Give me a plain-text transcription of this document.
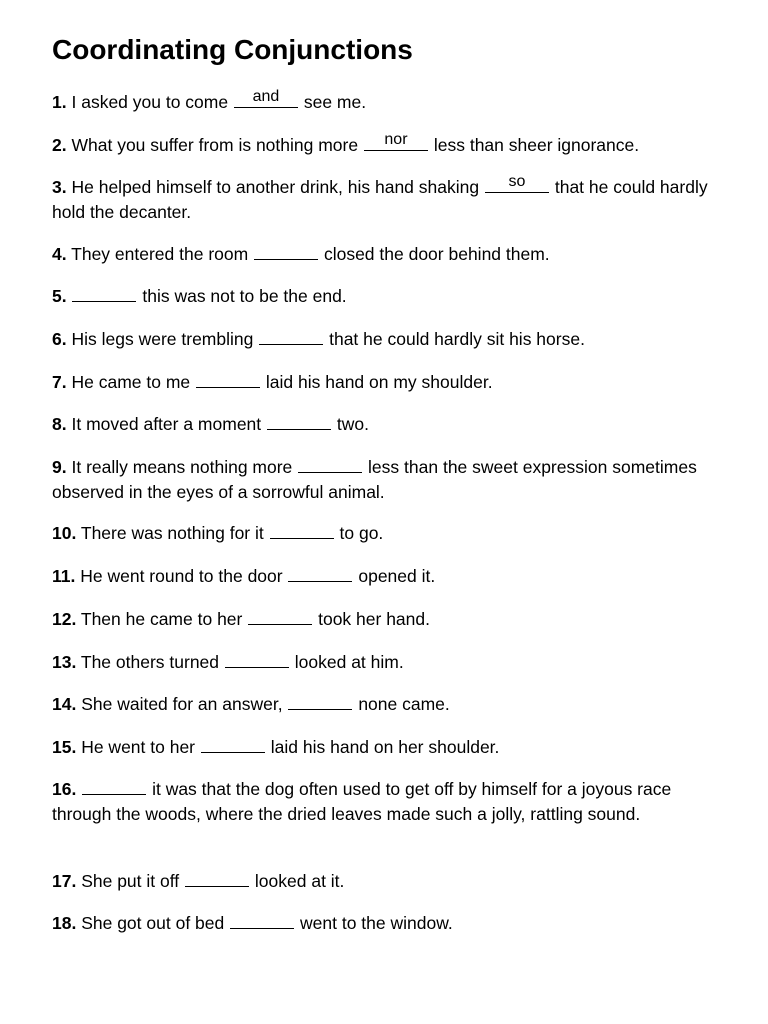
Coordinating Conjunctions

1. I asked you to come	and	see me.

2. What you suffer from is nothing more	nor	less than sheer ignorance.

3. He helped himself to another drink, his hand shaking	so	that he could hardly hold the decanter.

4. They entered the room	closed the door behind them.

5.	this was not to be the end.

6. His legs were trembling	that he could hardly sit his horse.

7. He came to me	laid his hand on my shoulder.

8. It moved after a moment	two.

9. It really means nothing more	less than the sweet expression sometimes observed in the eyes of a sorrowful animal.

10. There was nothing for it	to go.

11. He went round to the door	opened it.

12. Then he came to her	took her hand.

13. The others turned	looked at him.

14. She waited for an answer,	none came.

15. He went to her	laid his hand on her shoulder.

16.	it was that the dog often used to get off by himself for a joyous race through the woods, where the dried leaves made such a jolly, rattling sound.

17. She put it off	looked at it.

18. She got out of bed	went to the window.
